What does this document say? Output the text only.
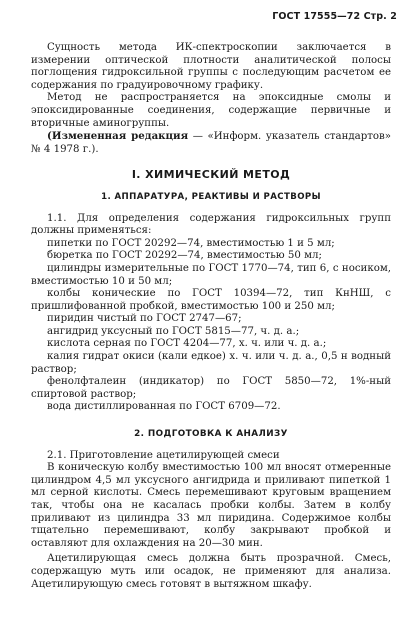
ГОСТ 17555—72 Стр. 2

Сущность метода ИК-спектроскопии заключается в измерении оптической плотности аналитической полосы поглощения гидроксильной группы с последующим расчетом ее содержания по градуировочному графику.

Метод не распространяется на эпоксидные смолы и эпоксидированные соединения, содержащие первичные и вторичные аминогруппы.

(Измененная редакция — «Информ. указатель стандартов» № 4 1978 г.).

I. ХИМИЧЕСКИЙ МЕТОД

1. АППАРАТУРА, РЕАКТИВЫ И РАСТВОРЫ

1.1. Для определения содержания гидроксильных групп должны применяться:

пипетки по ГОСТ 20292—74, вместимостью 1 и 5 мл;

бюретка по ГОСТ 20292—74, вместимостью 50 мл;

цилиндры измерительные по ГОСТ 1770—74, тип 6, с носиком, вместимостью 10 и 50 мл;

колбы конические по ГОСТ 10394—72, тип КнНШ, с пришлифованной пробкой, вместимостью 100 и 250 мл;

пиридин чистый по ГОСТ 2747—67;

ангидрид уксусный по ГОСТ 5815—77, ч. д. а.;

кислота серная по ГОСТ 4204—77, х. ч. или ч. д. а.;

калия гидрат окиси (кали едкое) х. ч. или ч. д. а., 0,5 н водный раствор;

фенолфталеин (индикатор) по ГОСТ 5850—72, 1%-ный спиртовой раствор;

вода дистиллированная по ГОСТ 6709—72.

2. ПОДГОТОВКА К АНАЛИЗУ

2.1. Приготовление ацетилирующей смеси

В коническую колбу вместимостью 100 мл вносят отмеренные цилиндром 4,5 мл уксусного ангидрида и приливают пипеткой 1 мл серной кислоты. Смесь перемешивают круговым вращением так, чтобы она не касалась пробки колбы. Затем в колбу приливают из цилиндра 33 мл пиридина. Содержимое колбы тщательно перемешивают, колбу закрывают пробкой и оставляют для охлаждения на 20—30 мин.

Ацетилирующая смесь должна быть прозрачной. Смесь, содержащую муть или осадок, не применяют для анализа. Ацетилирующую смесь готовят в вытяжном шкафу.
